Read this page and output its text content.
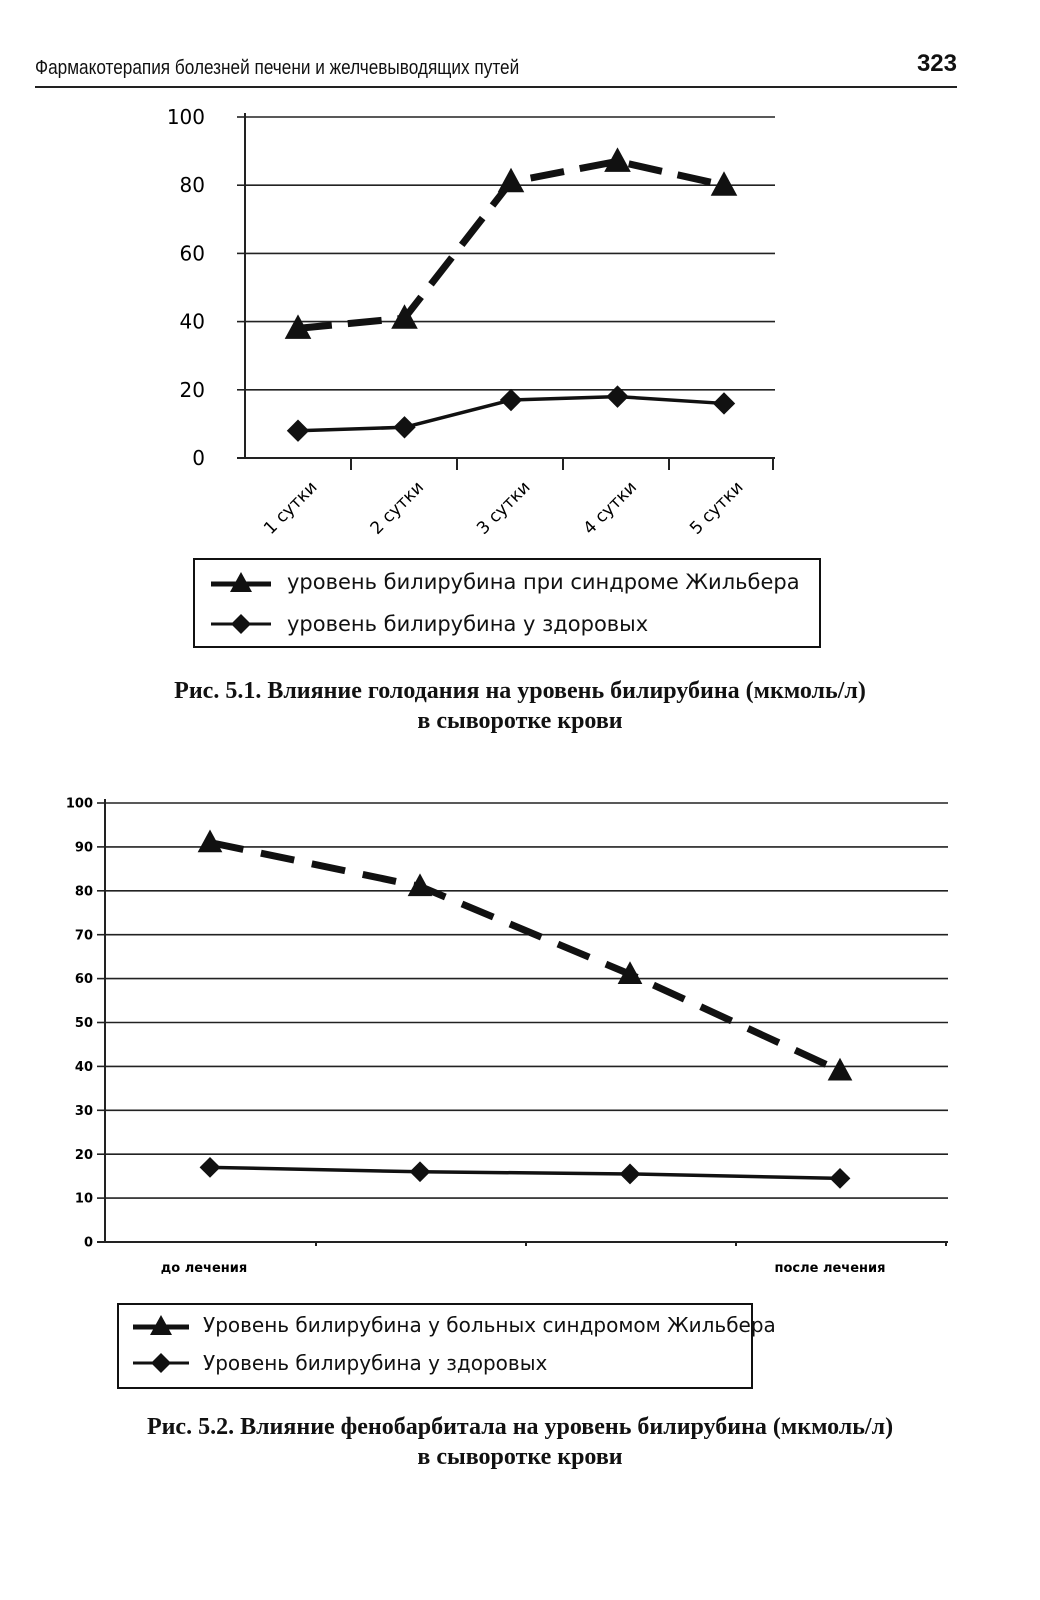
Фармакотерапия болезней печени и желчевыводящих путей	323
0
20
40
60
80
100
1 сутки	2 сутки	3 сутки	4 сутки	5 сутки
уровень билирубина при синдроме Жильбера
уровень билирубина у здоровых
Рис. 5.1. Влияние голодания на уровень билирубина (мкмоль/л)
в сыворотке крови
0
10
20
30
40
50
60
70
80
90
100
до лечения	после лечения
Уровень билирубина у больных синдромом Жильбера
Уровень билирубина у здоровых
Рис. 5.2. Влияние фенобарбитала на уровень билирубина (мкмоль/л)
в сыворотке крови
